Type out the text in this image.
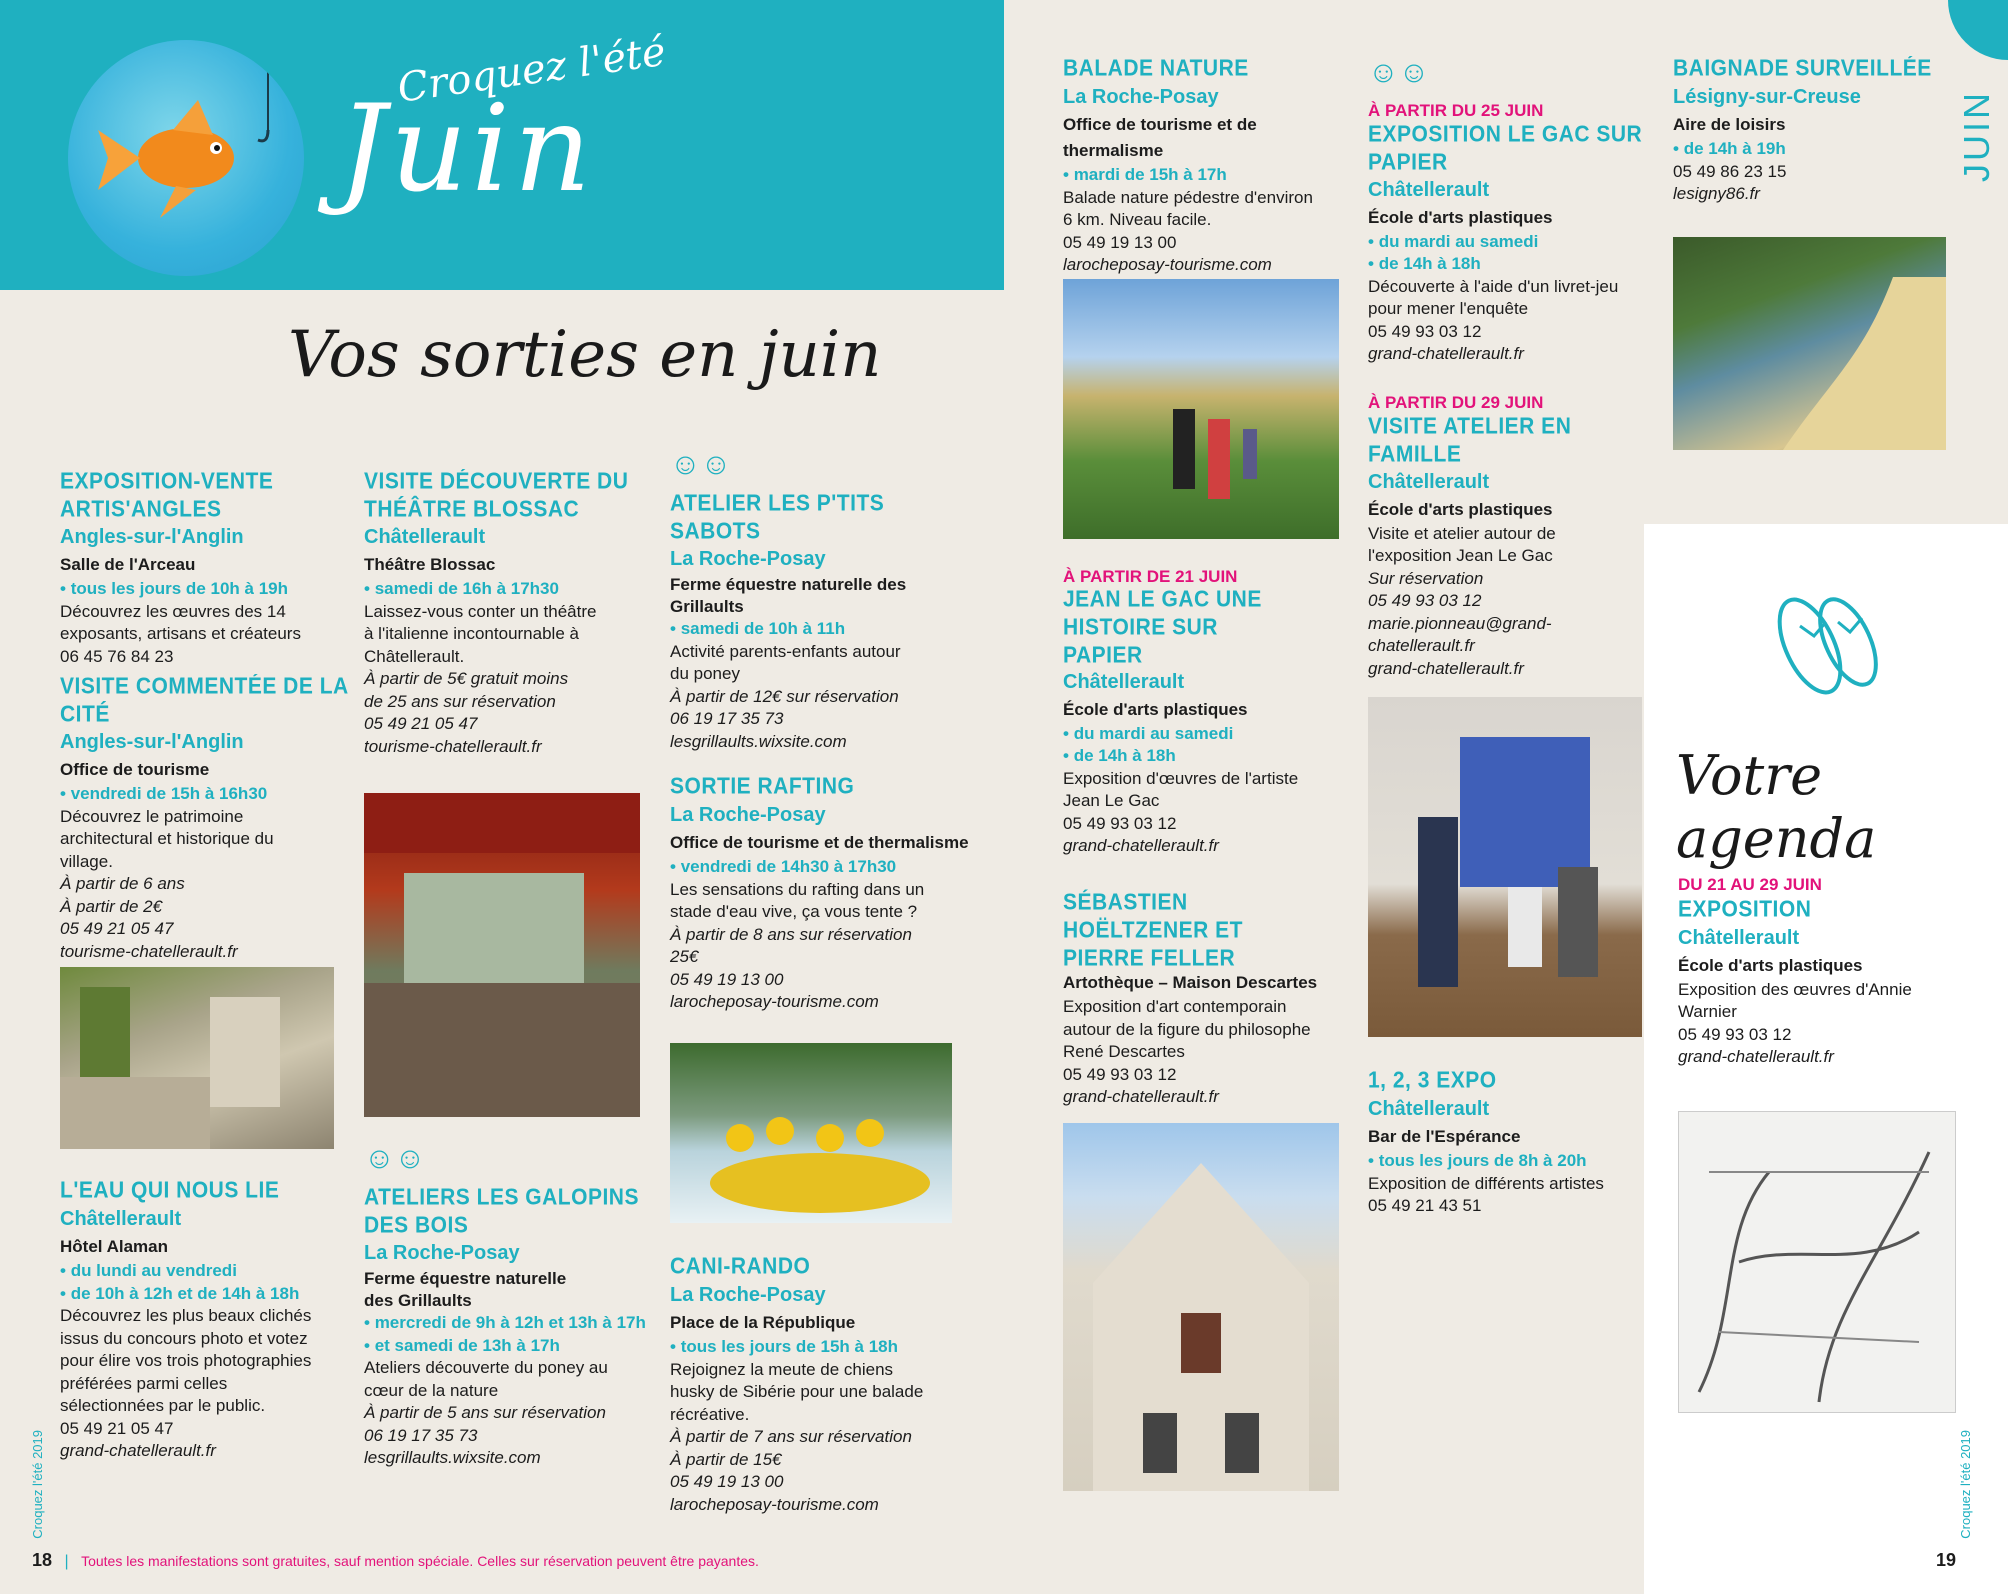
Croquez l'été
Juin	JUIN
Vos sorties en juin
Votre agenda
EXPOSITION-VENTE ARTIS'ANGLES
Angles-sur-l'Anglin
Salle de l'Arceau
• tous les jours de 10h à 19h
Découvrez les œuvres des 14
exposants, artisans et créateurs
06 45 76 84 23
VISITE COMMENTÉE DE LA CITÉ
Angles-sur-l'Anglin
Office de tourisme
• vendredi de 15h à 16h30
Découvrez le patrimoine
architectural et historique du
village.
À partir de 6 ans
À partir de 2€
05 49 21 05 47
tourisme-chatellerault.fr
L'EAU QUI NOUS LIE
Châtellerault
Hôtel Alaman
• du lundi au vendredi
• de 10h à 12h et de 14h à 18h
Découvrez les plus beaux clichés
issus du concours photo et votez
pour élire vos trois photographies
préférées parmi celles
sélectionnées par le public.
05 49 21 05 47
grand-chatellerault.fr
VISITE DÉCOUVERTE DU THÉÂTRE BLOSSAC
Châtellerault
Théâtre Blossac
• samedi de 16h à 17h30
Laissez-vous conter un théâtre
à l'italienne incontournable à
Châtellerault.
À partir de 5€ gratuit moins
de 25 ans sur réservation
05 49 21 05 47
tourisme-chatellerault.fr
☺☺
ATELIERS LES GALOPINS DES BOIS
La Roche-Posay
Ferme équestre naturelle des Grillaults
• mercredi de 9h à 12h et 13h à 17h
• et samedi de 13h à 17h
Ateliers découverte du poney au
cœur de la nature
À partir de 5 ans sur réservation
06 19 17 35 73
lesgrillaults.wixsite.com
☺☺
ATELIER LES P'TITS SABOTS
La Roche-Posay
Ferme équestre naturelle des Grillaults
• samedi de 10h à 11h
Activité parents-enfants autour
du poney
À partir de 12€ sur réservation
06 19 17 35 73
lesgrillaults.wixsite.com
SORTIE RAFTING
La Roche-Posay
Office de tourisme et de thermalisme
• vendredi de 14h30 à 17h30
Les sensations du rafting dans un
stade d'eau vive, ça vous tente ?
À partir de 8 ans sur réservation
25€
05 49 19 13 00
larocheposay-tourisme.com
CANI-RANDO
La Roche-Posay
Place de la République
• tous les jours de 15h à 18h
Rejoignez la meute de chiens
husky de Sibérie pour une balade
récréative.
À partir de 7 ans sur réservation
À partir de 15€
05 49 19 13 00
larocheposay-tourisme.com
BALADE NATURE
La Roche-Posay
Office de tourisme et de thermalisme
• mardi de 15h à 17h
Balade nature pédestre d'environ
6 km. Niveau facile.
05 49 19 13 00
larocheposay-tourisme.com
À PARTIR DE 21 JUIN
JEAN LE GAC UNE HISTOIRE SUR PAPIER
Châtellerault
École d'arts plastiques
• du mardi au samedi
• de 14h à 18h
Exposition d'œuvres de l'artiste
Jean Le Gac
05 49 93 03 12
grand-chatellerault.fr
SÉBASTIEN HOËLTZENER ET PIERRE FELLER
Artothèque – Maison Descartes
Exposition d'art contemporain
autour de la figure du philosophe
René Descartes
05 49 93 03 12
grand-chatellerault.fr
☺☺
À PARTIR DU 25 JUIN
EXPOSITION LE GAC SUR PAPIER
Châtellerault
École d'arts plastiques
• du mardi au samedi
• de 14h à 18h
Découverte à l'aide d'un livret-jeu
pour mener l'enquête
05 49 93 03 12
grand-chatellerault.fr
À PARTIR DU 29 JUIN
VISITE ATELIER EN FAMILLE
Châtellerault
École d'arts plastiques
Visite et atelier autour de
l'exposition Jean Le Gac
Sur réservation
05 49 93 03 12
marie.pionneau@grand-
chatellerault.fr
grand-chatellerault.fr
1, 2, 3 EXPO
Châtellerault
Bar de l'Espérance
• tous les jours de 8h à 20h
Exposition de différents artistes
05 49 21 43 51
BAIGNADE SURVEILLÉE
Lésigny-sur-Creuse
Aire de loisirs
• de 14h à 19h
05 49 86 23 15
lesigny86.fr
DU 21 AU 29 JUIN
EXPOSITION
Châtellerault
École d'arts plastiques
Exposition des œuvres d'Annie
Warnier
05 49 93 03 12
grand-chatellerault.fr
Croquez l'été 2019	Croquez l'été 2019
18 | Toutes les manifestations sont gratuites, sauf mention spéciale. Celles sur réservation peuvent être payantes.	19
